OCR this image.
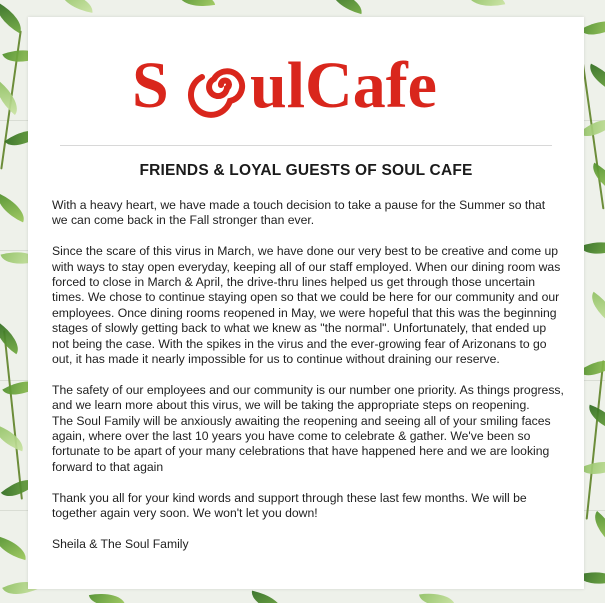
S ulCafe
FRIENDS & LOYAL GUESTS OF SOUL CAFE

With a heavy heart, we have made a touch decision to take a pause for the Summer so that we can come back in the Fall stronger than ever.

Since the scare of this virus in March, we have done our very best to be creative and come up with ways to stay open everyday, keeping all of our staff employed. When our dining room was forced to close in March & April, the drive-thru lines helped us get through those uncertain times. We chose to continue staying open so that we could be here for our community and our employees. Once dining rooms reopened in May, we were hopeful that this was the beginning stages of slowly getting back to what we knew as "the normal". Unfortunately, that ended up not being the case. With the spikes in the virus and the ever-growing fear of Arizonans to go out, it has made it nearly impossible for us to continue without draining our reserve.

The safety of our employees and our community is our number one priority. As things progress, and we learn more about this virus, we will be taking the appropriate steps on reopening.

The Soul Family will be anxiously awaiting the reopening and seeing all of your smiling faces again, where over the last 10 years you have come to celebrate & gather. We've been so fortunate to be apart of your many celebrations that have happened here and we are looking forward to that again

Thank you all for your kind words and support through these last few months. We will be together again very soon. We won't let you down!

Sheila & The Soul Family
